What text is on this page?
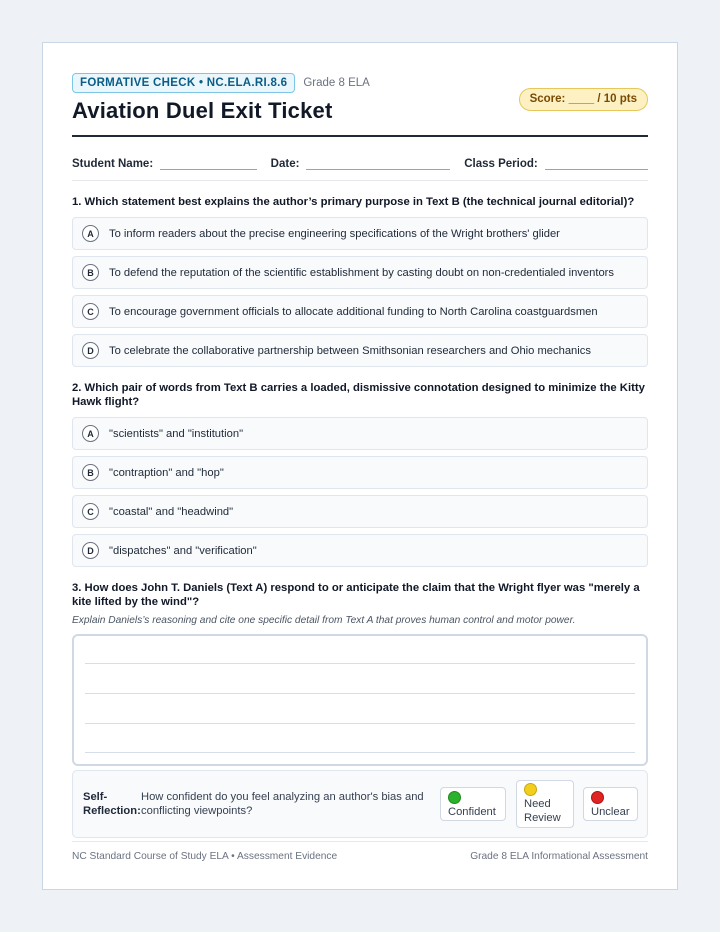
FORMATIVE CHECK • NC.ELA.RI.8.6	Grade 8 ELA
Aviation Duel Exit Ticket	Score: ____ / 10 pts
Student Name:	Date:	Class Period:
1. Which statement best explains the author’s primary purpose in Text B (the technical journal editorial)?
A	To inform readers about the precise engineering specifications of the Wright brothers' glider
B	To defend the reputation of the scientific establishment by casting doubt on non-credentialed inventors
C	To encourage government officials to allocate additional funding to North Carolina coastguardsmen
D	To celebrate the collaborative partnership between Smithsonian researchers and Ohio mechanics
2. Which pair of words from Text B carries a loaded, dismissive connotation designed to minimize the Kitty Hawk flight?
A	"scientists" and "institution"
B	"contraption" and "hop"
C	"coastal" and "headwind"
D	"dispatches" and "verification"
3. How does John T. Daniels (Text A) respond to or anticipate the claim that the Wright flyer was "merely a kite lifted by the wind"?
Explain Daniels’s reasoning and cite one specific detail from Text A that proves human control and motor power.
Self-Reflection:
How confident do you feel analyzing an author's bias and conflicting viewpoints?	Confident
Need Review	Unclear
NC Standard Course of Study ELA • Assessment Evidence	Grade 8 ELA Informational Assessment
